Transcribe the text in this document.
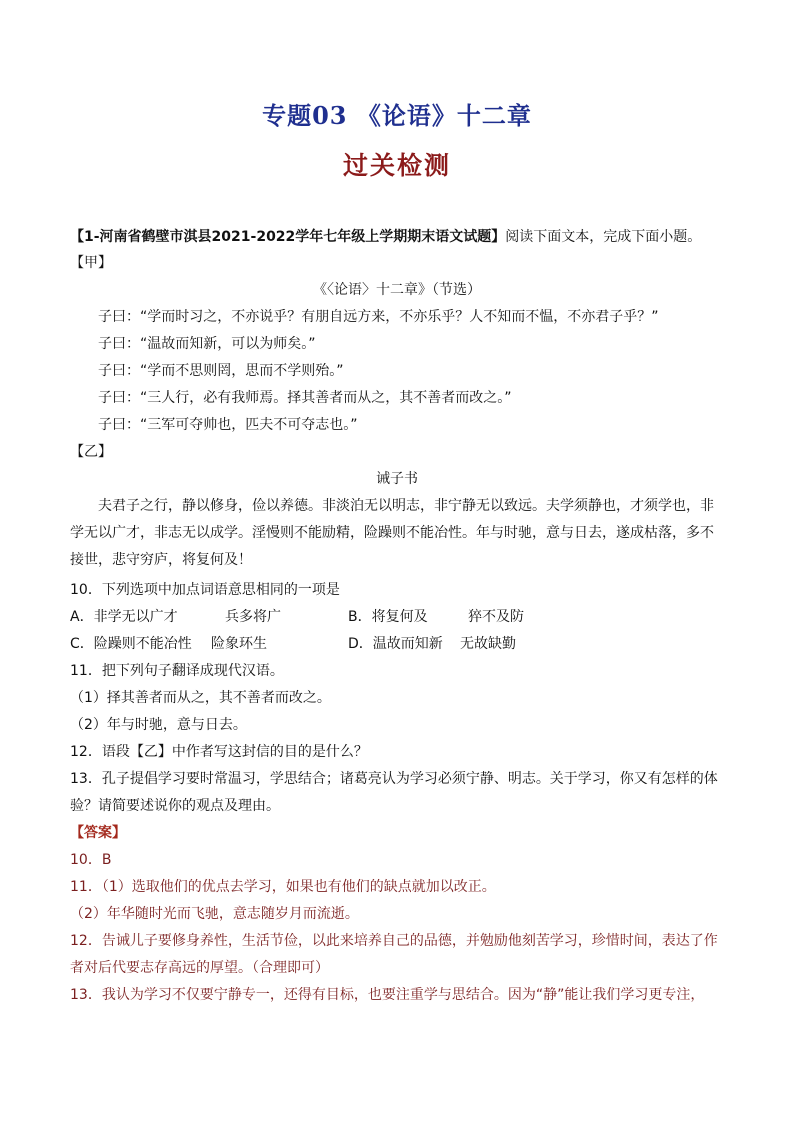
专题03 《论语》十二章
过关检测
【1-河南省鹤壁市淇县2021-2022学年七年级上学期期末语文试题】阅读下面文本，完成下面小题。
【甲】
《〈论语〉十二章》（节选）
子曰：“学而时习之，不亦说乎？有朋自远方来，不亦乐乎？人不知而不愠，不亦君子乎？”
子曰：“温故而知新，可以为师矣。”
子曰：“学而不思则罔，思而不学则殆。”
子曰：“三人行，必有我师焉。择其善者而从之，其不善者而改之。”
子曰：“三军可夺帅也，匹夫不可夺志也。”
【乙】
诫子书
夫君子之行，静以修身，俭以养德。非淡泊无以明志，非宁静无以致远。夫学须静也，才须学也，非
学无以广才，非志无以成学。淫慢则不能励精，险躁则不能冶性。年与时驰，意与日去，遂成枯落，多不
接世，悲守穷庐，将复何及！
10．下列选项中加点词语意思相同的一项是
A．非学无以广才	兵多将广	B．将复何及	猝不及防
C．险躁则不能冶性 险象环生	D．温故而知新 无故缺勤
11．把下列句子翻译成现代汉语。
（1）择其善者而从之，其不善者而改之。
（2）年与时驰，意与日去。
12．语段【乙】中作者写这封信的目的是什么？
13．孔子提倡学习要时常温习，学思结合；诸葛亮认为学习必须宁静、明志。关于学习，你又有怎样的体
验？请简要述说你的观点及理由。
【答案】
10．B
11．（1）选取他们的优点去学习，如果也有他们的缺点就加以改正。
（2）年华随时光而飞驰，意志随岁月而流逝。
12．告诫儿子要修身养性，生活节俭，以此来培养自己的品德，并勉励他刻苦学习，珍惜时间，表达了作
者对后代要志存高远的厚望。（合理即可）
13．我认为学习不仅要宁静专一，还得有目标，也要注重学与思结合。因为“静”能让我们学习更专注，
